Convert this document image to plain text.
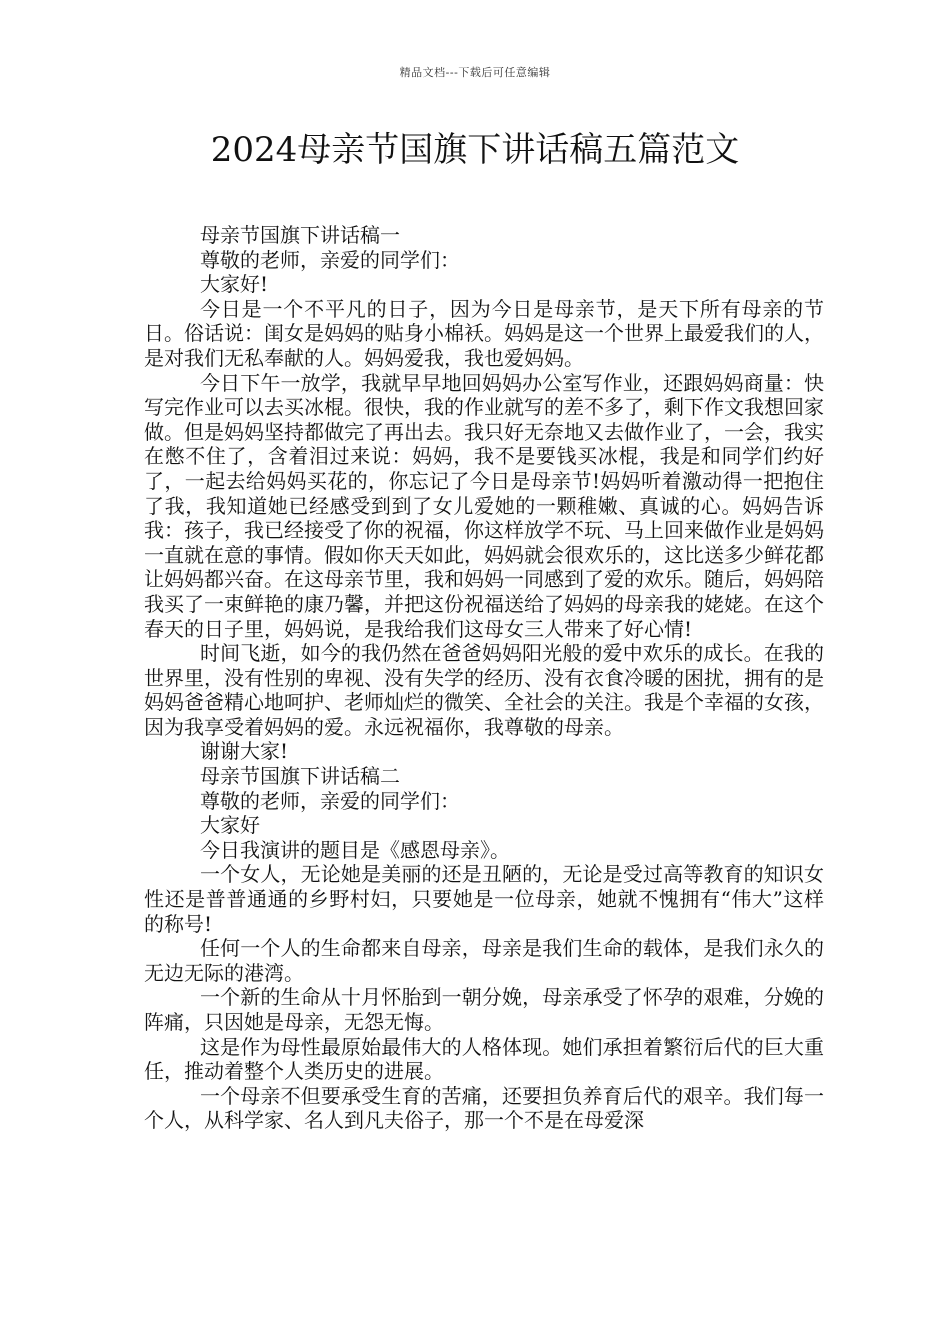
精品文档---下载后可任意编辑
2024母亲节国旗下讲话稿五篇范文

母亲节国旗下讲话稿一

尊敬的老师，亲爱的同学们：

大家好!

今日是一个不平凡的日子，因为今日是母亲节，是天下所有母亲的节日。俗话说：闺女是妈妈的贴身小棉袄。妈妈是这一个世界上最爱我们的人，是对我们无私奉献的人。妈妈爱我，我也爱妈妈。

今日下午一放学，我就早早地回妈妈办公室写作业，还跟妈妈商量：快写完作业可以去买冰棍。很快，我的作业就写的差不多了，剩下作文我想回家做。但是妈妈坚持都做完了再出去。我只好无奈地又去做作业了，一会，我实在憋不住了，含着泪过来说：妈妈，我不是要钱买冰棍，我是和同学们约好了，一起去给妈妈买花的，你忘记了今日是母亲节!妈妈听着激动得一把抱住了我，我知道她已经感受到到了女儿爱她的一颗稚嫩、真诚的心。妈妈告诉我：孩子，我已经接受了你的祝福，你这样放学不玩、马上回来做作业是妈妈一直就在意的事情。假如你天天如此，妈妈就会很欢乐的，这比送多少鲜花都让妈妈都兴奋。在这母亲节里，我和妈妈一同感到了爱的欢乐。随后，妈妈陪我买了一束鲜艳的康乃馨，并把这份祝福送给了妈妈的母亲我的姥姥。在这个春天的日子里，妈妈说，是我给我们这母女三人带来了好心情!

时间飞逝，如今的我仍然在爸爸妈妈阳光般的爱中欢乐的成长。在我的世界里，没有性别的卑视、没有失学的经历、没有衣食冷暖的困扰，拥有的是妈妈爸爸精心地呵护、老师灿烂的微笑、全社会的关注。我是个幸福的女孩，因为我享受着妈妈的爱。永远祝福你，我尊敬的母亲。

谢谢大家!

母亲节国旗下讲话稿二

尊敬的老师，亲爱的同学们：

大家好

今日我演讲的题目是《感恩母亲》。

一个女人，无论她是美丽的还是丑陋的，无论是受过高等教育的知识女性还是普普通通的乡野村妇，只要她是一位母亲，她就不愧拥有“伟大”这样的称号!

任何一个人的生命都来自母亲，母亲是我们生命的载体，是我们永久的无边无际的港湾。

一个新的生命从十月怀胎到一朝分娩，母亲承受了怀孕的艰难，分娩的阵痛，只因她是母亲，无怨无悔。

这是作为母性最原始最伟大的人格体现。她们承担着繁衍后代的巨大重任，推动着整个人类历史的进展。

一个母亲不但要承受生育的苦痛，还要担负养育后代的艰辛。我们每一个人，从科学家、名人到凡夫俗子，那一个不是在母爱深
